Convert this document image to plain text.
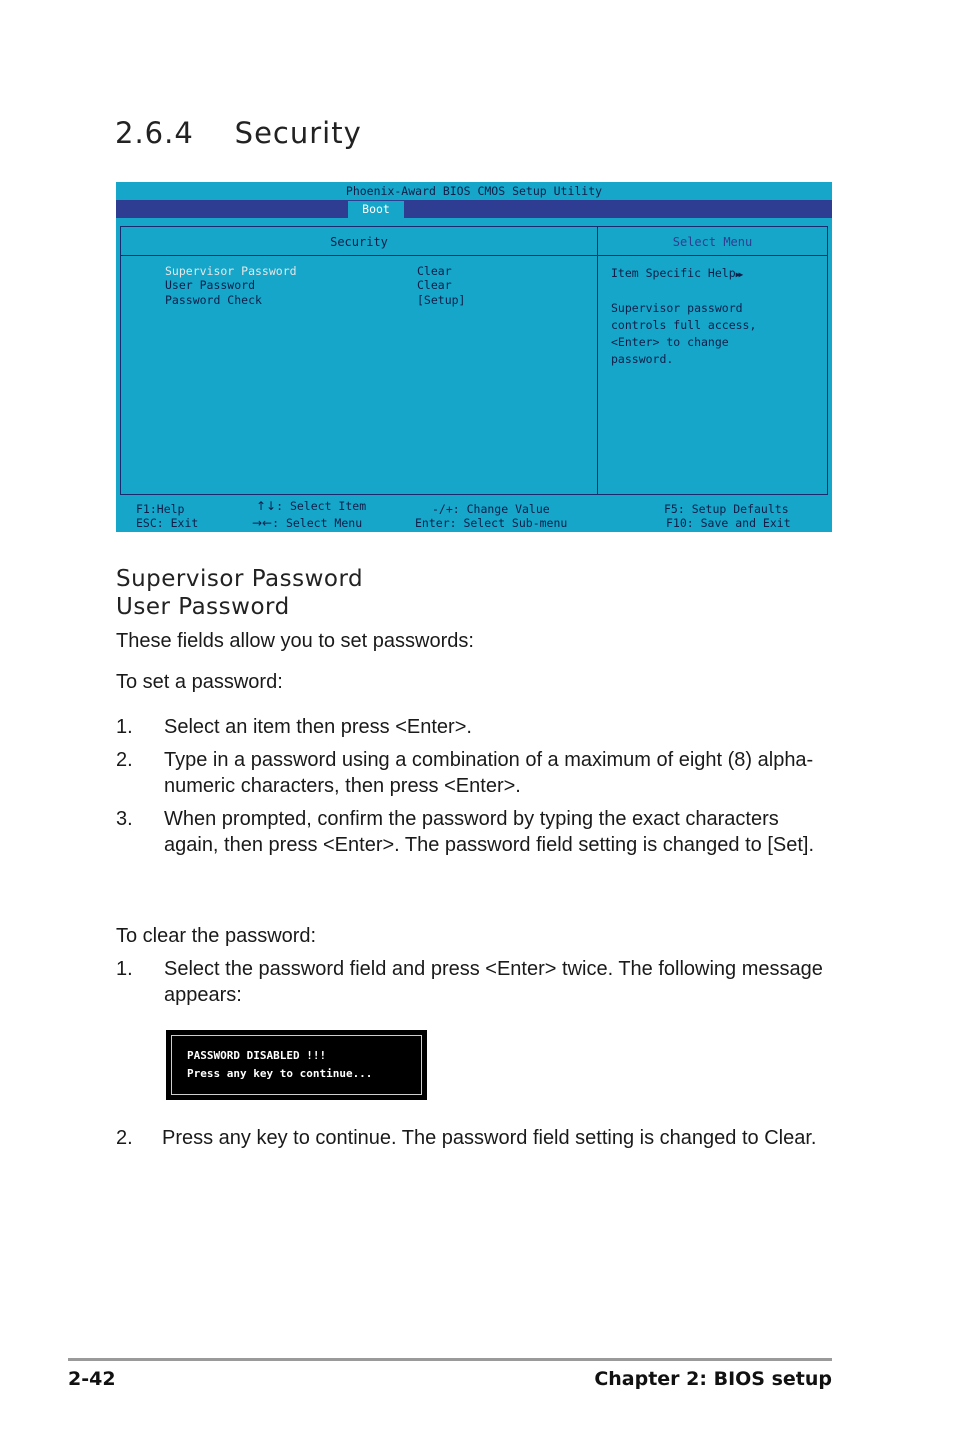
2.6.4    Security
Phoenix-Award BIOS CMOS Setup Utility
Boot
Security	Select Menu
Supervisor Password	Clear
User Password	Clear
Password Check	[Setup]

Item Specific Help▶▶

Supervisor password

controls full access,

<Enter> to change

password.

F1:Help
ESC: Exit
↑↓: Select Item
→←: Select Menu
-/+: Change Value
Enter: Select Sub-menu
F5: Setup Defaults
F10: Save and Exit
Supervisor Password
User Password
These fields allow you to set passwords:
To set a password:
1. Select an item then press <Enter>.
2. Type in a password using a combination of a maximum of eight (8) alpha-numeric characters, then press <Enter>.
3. When prompted, confirm the password by typing the exact characters again, then press <Enter>. The password field setting is changed to [Set].
To clear the password:
1. Select the password field and press <Enter> twice. The following message appears:
PASSWORD DISABLED !!!
Press any key to continue...
2. Press any key to continue. The password field setting is changed to Clear.
2-42	Chapter 2: BIOS setup
